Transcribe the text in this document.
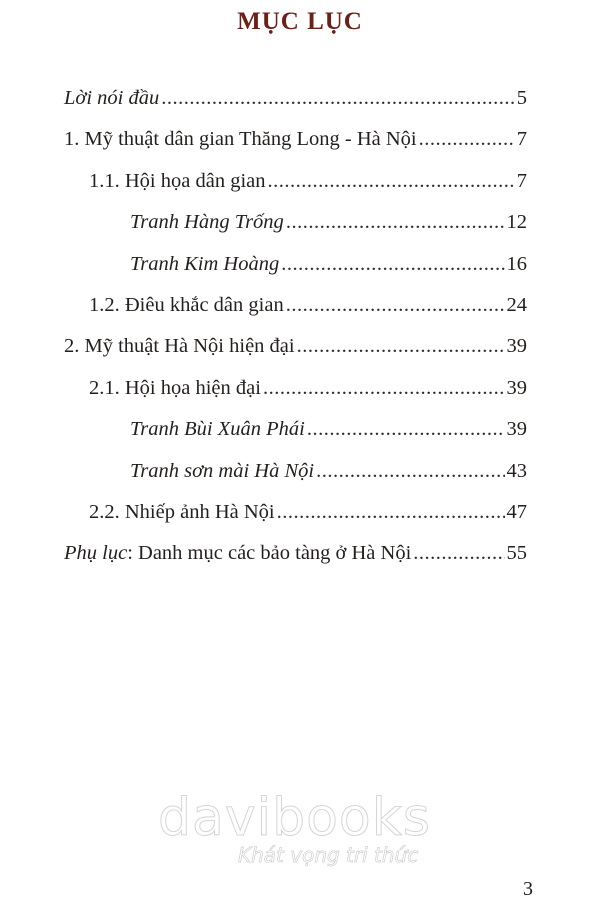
MỤC LỤC
Lời nói đầu .....	5
1. Mỹ thuật dân gian Thăng Long - Hà Nội .....	7
1.1. Hội họa dân gian .....	7
Tranh Hàng Trống .....	12
Tranh Kim Hoàng .....	16
1.2. Điêu khắc dân gian .....	24
2. Mỹ thuật Hà Nội hiện đại .....	39
2.1. Hội họa hiện đại .....	39
Tranh Bùi Xuân Phái .....	39
Tranh sơn mài Hà Nội .....	43
2.2. Nhiếp ảnh Hà Nội .....	47
Phụ lục: Danh mục các bảo tàng ở Hà Nội .....	55
davibooks
Khát vọng tri thức
3
